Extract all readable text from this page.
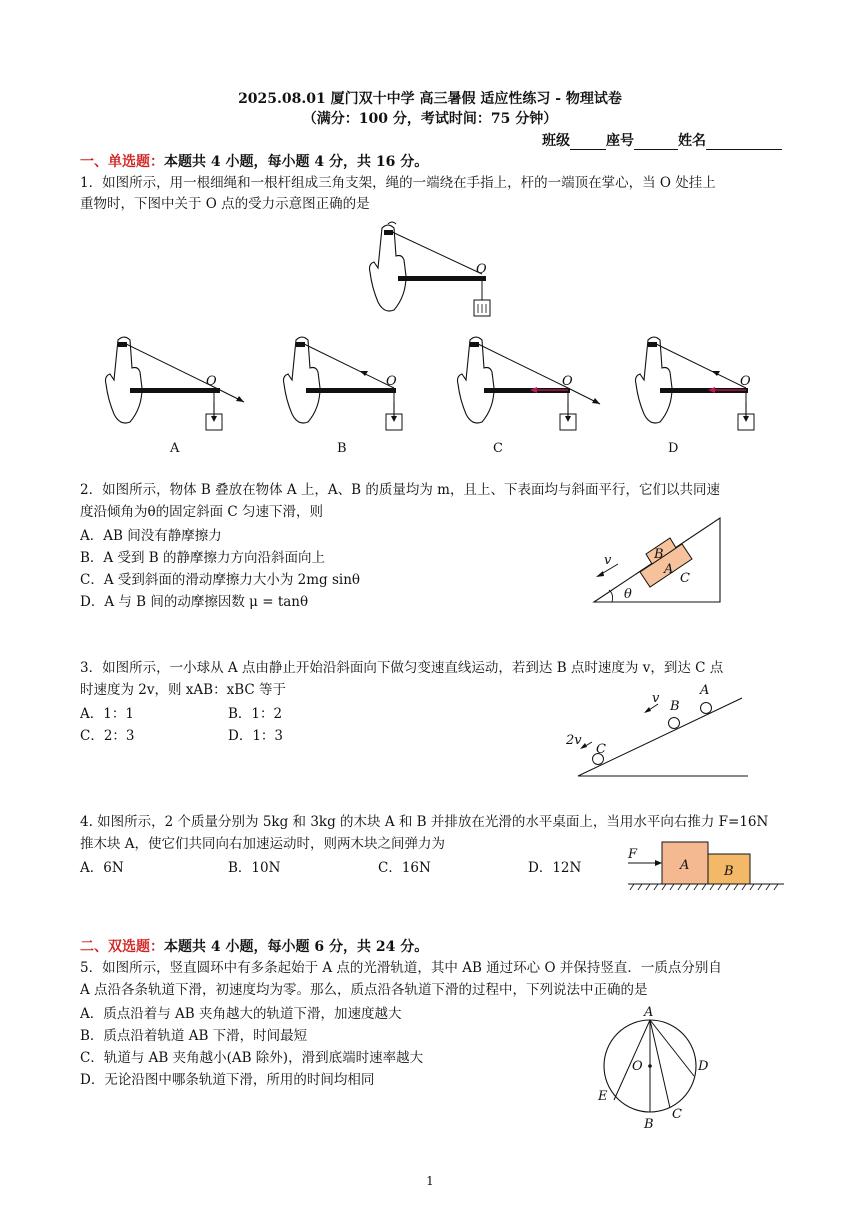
2025.08.01 厦门双十中学 高三暑假 适应性练习 - 物理试卷
（满分：100 分，考试时间：75 分钟）
班级	座号	姓名
一、单选题：本题共 4 小题，每小题 4 分，共 16 分。
1．如图所示，用一根细绳和一根杆组成三角支架，绳的一端绕在手指上，杆的一端顶在掌心，当 O 处挂上
重物时，下图中关于 O 点的受力示意图正确的是
O
O	O	O	O
A	B	C	D
2．如图所示，物体 B 叠放在物体 A 上，A、B 的质量均为 m，且上、下表面均与斜面平行，它们以共同速
度沿倾角为θ的固定斜面 C 匀速下滑，则
A．AB 间没有静摩擦力
B．A 受到 B 的静摩擦力方向沿斜面向上
C．A 受到斜面的滑动摩擦力大小为 2mg sinθ
D．A 与 B 间的动摩擦因数 μ = tanθ
B
A
C
v
θ
3．如图所示，一小球从 A 点由静止开始沿斜面向下做匀变速直线运动，若到达 B 点时速度为 v，到达 C 点
时速度为 2v，则 xAB：xBC 等于
A．1：1	B．1：2
C．2：3	D．1：3
A
B
C
v
2v
4. 如图所示，2 个质量分别为 5kg 和 3kg 的木块 A 和 B 并排放在光滑的水平桌面上，当用水平向右推力 F=16N
推木块 A，使它们共同向右加速运动时，则两木块之间弹力为
A．6N	B．10N	C．16N	D．12N
F
A	B
二、双选题：本题共 4 小题，每小题 6 分，共 24 分。
5．如图所示，竖直圆环中有多条起始于 A 点的光滑轨道，其中 AB 通过环心 O 并保持竖直．一质点分别自
A 点沿各条轨道下滑，初速度均为零。那么，质点沿各轨道下滑的过程中，下列说法中正确的是
A．质点沿着与 AB 夹角越大的轨道下滑，加速度越大
B．质点沿着轨道 AB 下滑，时间最短
C．轨道与 AB 夹角越小(AB 除外)，滑到底端时速率越大
D．无论沿图中哪条轨道下滑，所用的时间均相同
A
O	D
E
B
C
1
